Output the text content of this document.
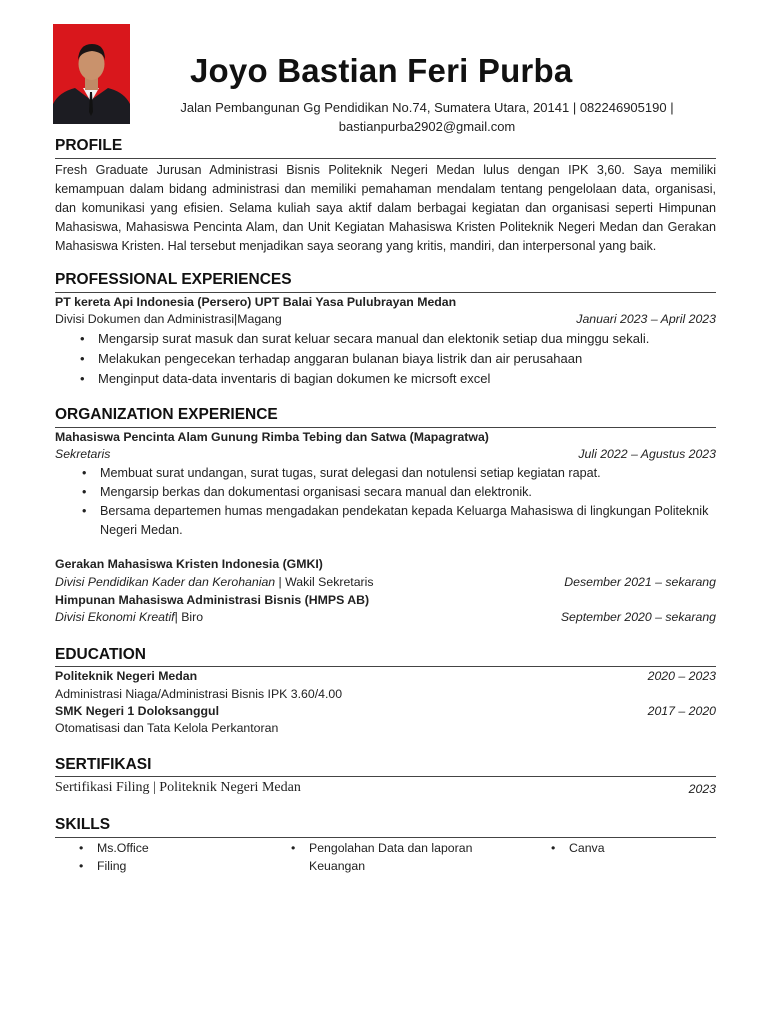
Joyo Bastian Feri Purba
Jalan Pembangunan Gg Pendidikan No.74, Sumatera Utara, 20141 | 082246905190 |
bastianpurba2902@gmail.com
PROFILE
Fresh Graduate Jurusan Administrasi Bisnis Politeknik Negeri Medan lulus dengan IPK 3,60. Saya memiliki kemampuan dalam bidang administrasi dan memiliki pemahaman mendalam tentang pengelolaan data, organisasi, dan komunikasi yang efisien. Selama kuliah saya aktif dalam berbagai kegiatan dan organisasi seperti Himpunan Mahasiswa, Mahasiswa Pencinta Alam, dan Unit Kegiatan Mahasiswa Kristen Politeknik Negeri Medan dan Gerakan Mahasiswa Kristen. Hal tersebut menjadikan saya seorang yang kritis, mandiri, dan interpersonal yang baik.
PROFESSIONAL EXPERIENCES
PT kereta Api Indonesia (Persero) UPT Balai Yasa Pulubrayan Medan
Divisi Dokumen dan Administrasi|Magang	Januari 2023 – April 2023
• Mengarsip surat masuk dan surat keluar secara manual dan elektonik setiap dua minggu sekali.
• Melakukan pengecekan terhadap anggaran bulanan biaya listrik dan air perusahaan
• Menginput data-data inventaris di bagian dokumen ke micrsoft excel
ORGANIZATION EXPERIENCE
Mahasiswa Pencinta Alam Gunung Rimba Tebing dan Satwa (Mapagratwa)
Sekretaris	Juli 2022 – Agustus 2023
• Membuat surat undangan, surat tugas, surat delegasi dan notulensi setiap kegiatan rapat.
• Mengarsip berkas dan dokumentasi organisasi secara manual dan elektronik.
• Bersama departemen humas mengadakan pendekatan kepada Keluarga Mahasiswa di lingkungan Politeknik Negeri Medan.
Gerakan Mahasiswa Kristen Indonesia (GMKI)
Divisi Pendidikan Kader dan Kerohanian | Wakil Sekretaris	Desember 2021 – sekarang
Himpunan Mahasiswa Administrasi Bisnis (HMPS AB)
Divisi Ekonomi Kreatif| Biro	September 2020 – sekarang
EDUCATION
Politeknik Negeri Medan	2020 – 2023
Administrasi Niaga/Administrasi Bisnis IPK 3.60/4.00
SMK Negeri 1 Doloksanggul	2017 – 2020
Otomatisasi dan Tata Kelola Perkantoran
SERTIFIKASI
Sertifikasi Filing | Politeknik Negeri Medan	2023
SKILLS
• Ms.Office
• Filing
• Pengolahan Data dan laporan
Keuangan
• Canva
